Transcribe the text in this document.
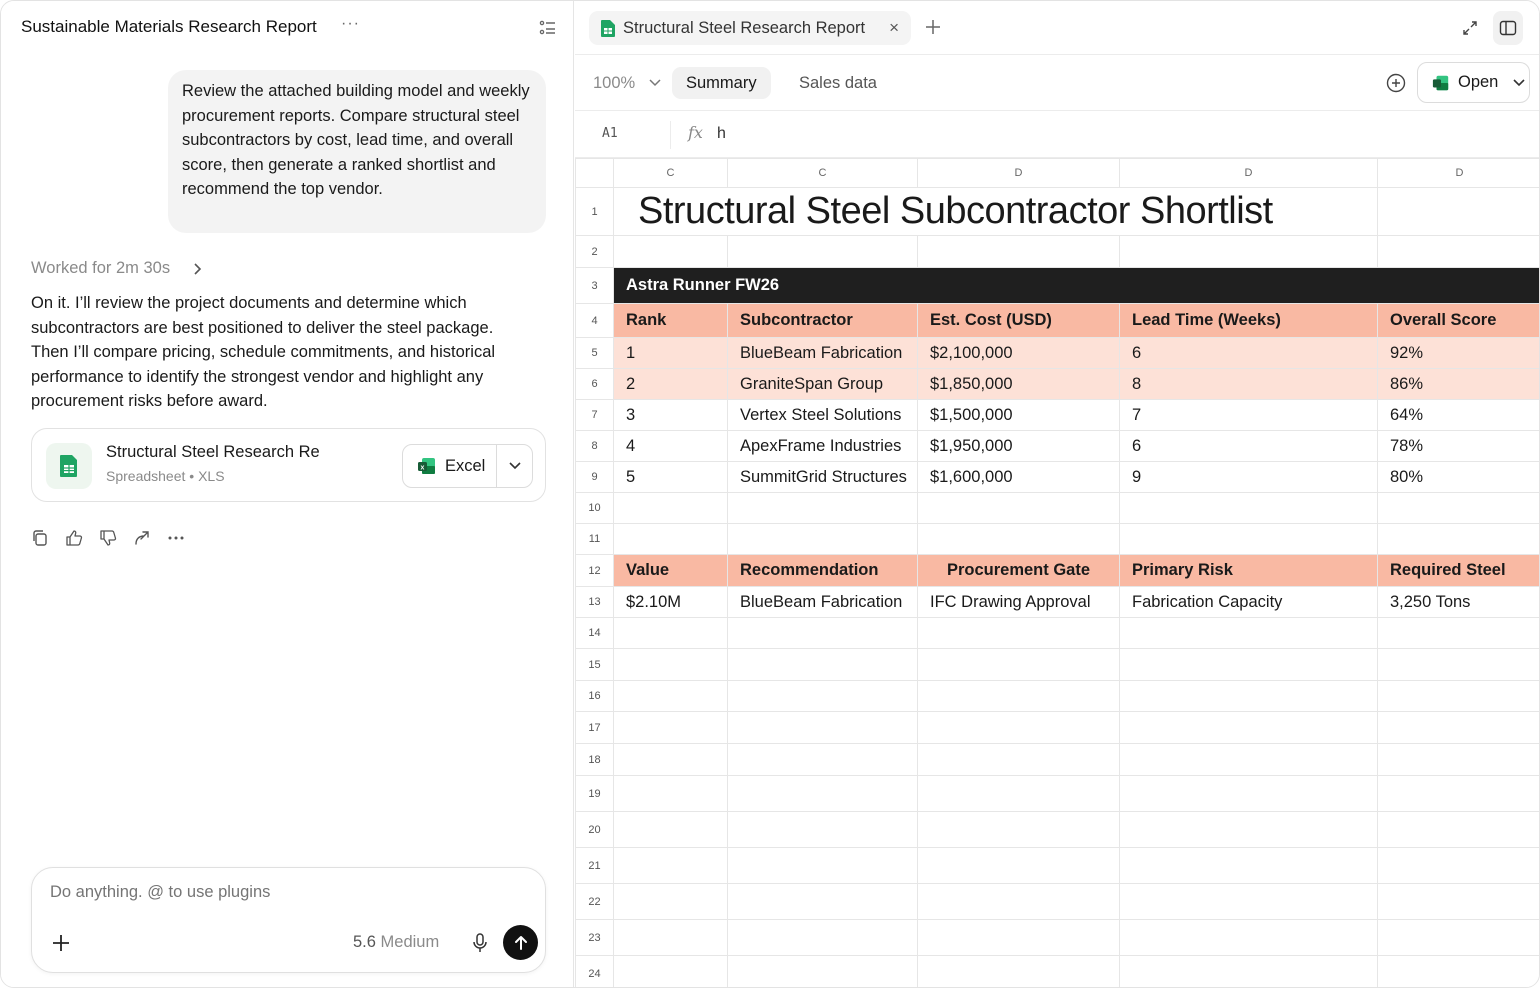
Sustainable Materials Research Report ···
Review the attached building model and weekly procurement reports. Compare structural steel subcontractors by cost, lead time, and overall score, then generate a ranked shortlist and recommend the top vendor.
Worked for 2m 30s
On it. I’ll review the project documents and determine which subcontractors are best positioned to deliver the steel package. Then I’ll compare pricing, schedule commitments, and historical performance to identify the strongest vendor and highlight any procurement risks before award.
Structural Steel Research Re
Spreadsheet • XLS	x Excel
Do anything. @ to use plugins
5.6 Medium
Structural Steel Research Report ×
100%	Summary	Sales data	Open
A1	fx h
	C	C	D	D	D
1	Structural Steel Subcontractor Shortlist				
2					
3	Astra Runner FW26				
4	Rank	Subcontractor	Est. Cost (USD)	Lead Time (Weeks)	Overall Score
5	1	BlueBeam Fabrication	$2,100,000	6	92%
6	2	GraniteSpan Group	$1,850,000	8	86%
7	3	Vertex Steel Solutions	$1,500,000	7	64%
8	4	ApexFrame Industries	$1,950,000	6	78%
9	5	SummitGrid Structures	$1,600,000	9	80%
10					
11					
12	Value	Recommendation	Procurement Gate	Primary Risk	Required Steel
13	$2.10M	BlueBeam Fabrication	IFC Drawing Approval	Fabrication Capacity	3,250 Tons
14					
15					
16					
17					
18					
19					
20					
21					
22					
23					
24					
